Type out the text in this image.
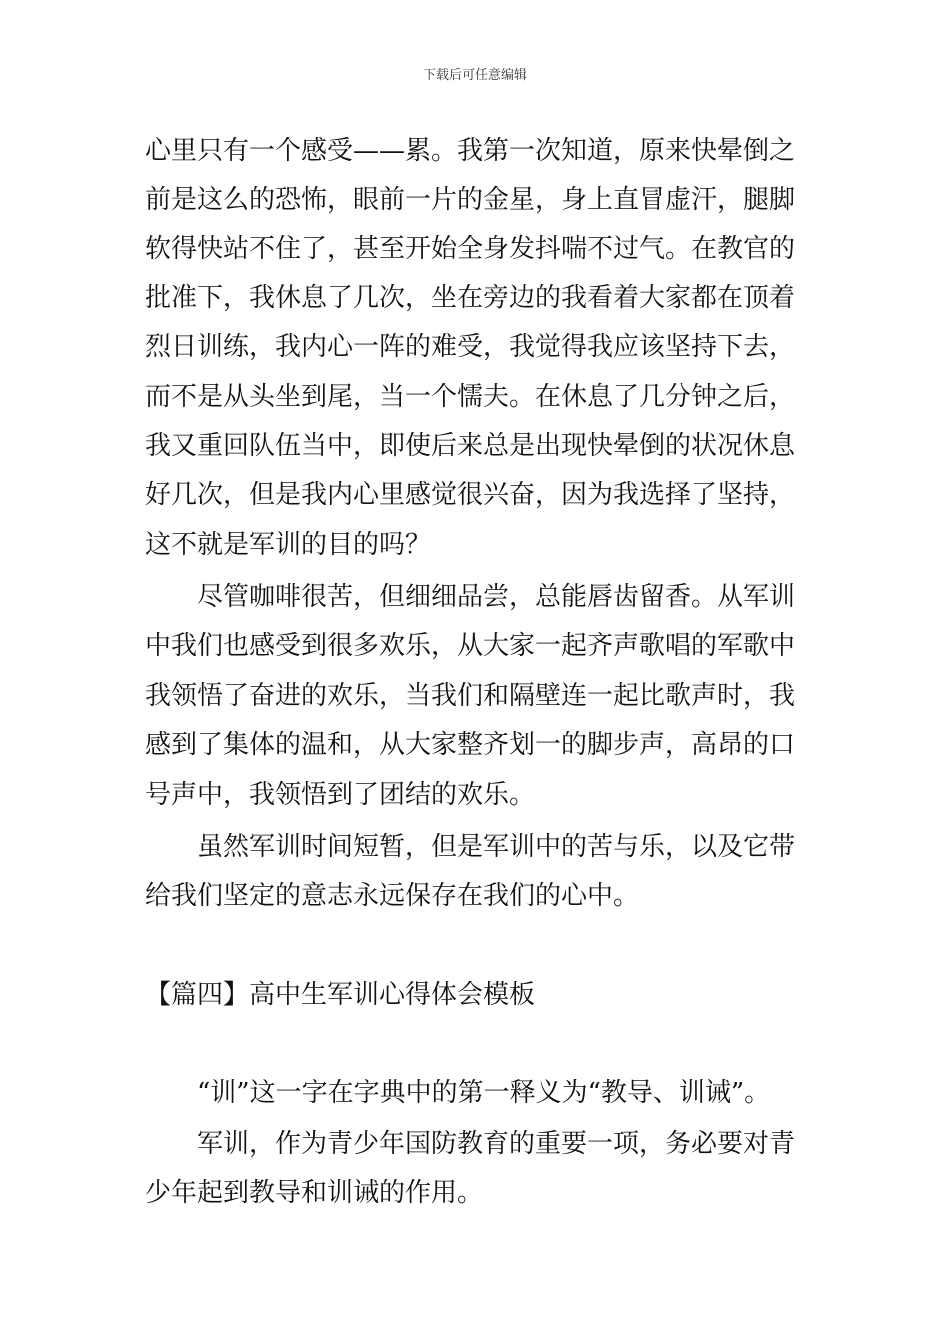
下载后可任意编辑
心里只有一个感受——累。我第一次知道，原来快晕倒之
前是这么的恐怖，眼前一片的金星，身上直冒虚汗，腿脚
软得快站不住了，甚至开始全身发抖喘不过气。在教官的
批准下，我休息了几次，坐在旁边的我看着大家都在顶着
烈日训练，我内心一阵的难受，我觉得我应该坚持下去，
而不是从头坐到尾，当一个懦夫。在休息了几分钟之后，
我又重回队伍当中，即使后来总是出现快晕倒的状况休息
好几次，但是我内心里感觉很兴奋，因为我选择了坚持，
这不就是军训的目的吗？
尽管咖啡很苦，但细细品尝，总能唇齿留香。从军训
中我们也感受到很多欢乐，从大家一起齐声歌唱的军歌中
我领悟了奋进的欢乐，当我们和隔壁连一起比歌声时，我
感到了集体的温和，从大家整齐划一的脚步声，高昂的口
号声中，我领悟到了团结的欢乐。
虽然军训时间短暂，但是军训中的苦与乐，以及它带
给我们坚定的意志永远保存在我们的心中。
【篇四】高中生军训心得体会模板
“训”这一字在字典中的第一释义为“教导、训诫”。
军训，作为青少年国防教育的重要一项，务必要对青
少年起到教导和训诫的作用。
